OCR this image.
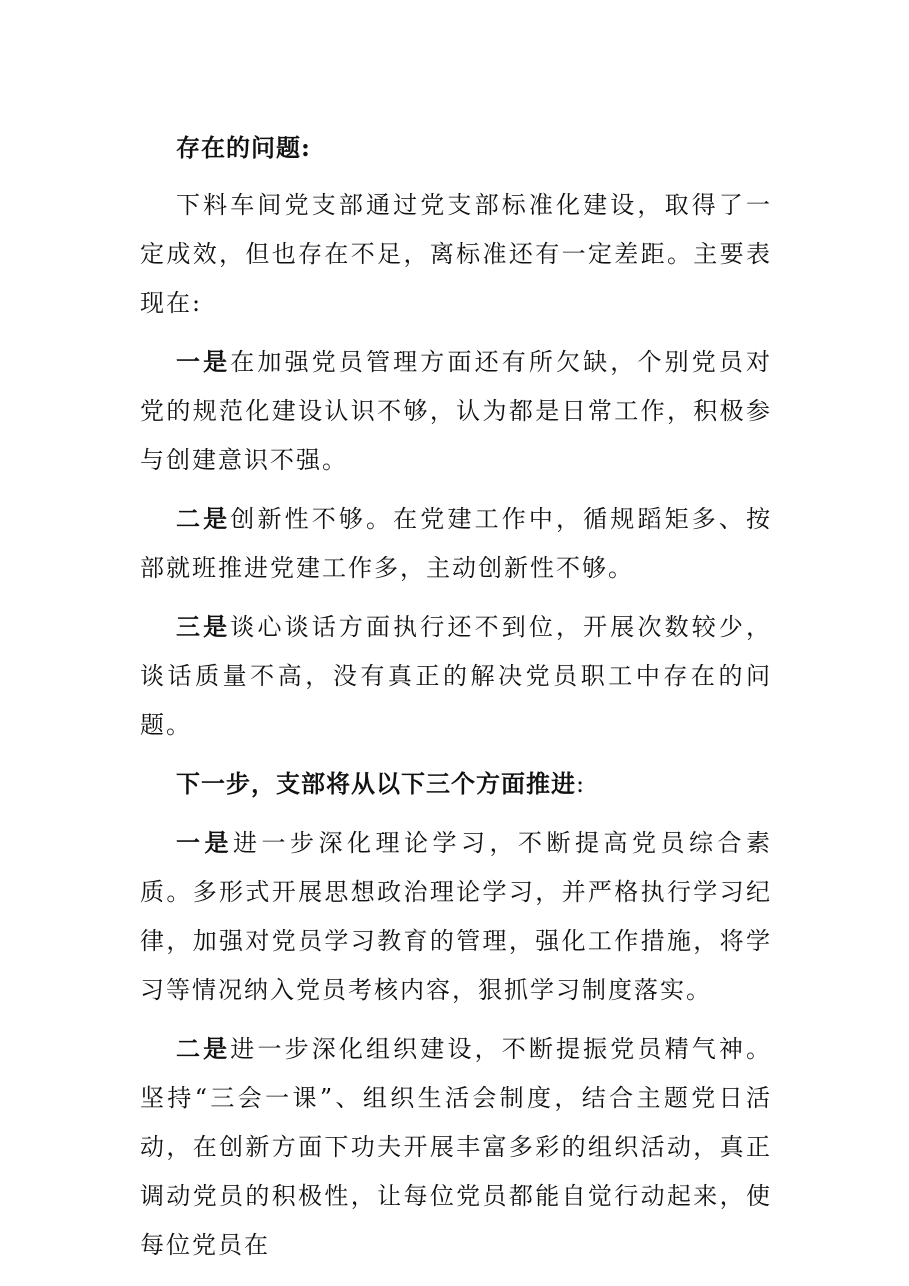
存在的问题:

下料车间党支部通过党支部标准化建设，取得了一定成效，但也存在不足，离标准还有一定差距。主要表现在:

一是在加强党员管理方面还有所欠缺，个别党员对党的规范化建设认识不够，认为都是日常工作，积极参与创建意识不强。

二是创新性不够。在党建工作中，循规蹈矩多、按部就班推进党建工作多，主动创新性不够。

三是谈心谈话方面执行还不到位，开展次数较少，谈话质量不高，没有真正的解决党员职工中存在的问题。

下一步，支部将从以下三个方面推进:

一是进一步深化理论学习，不断提高党员综合素质。多形式开展思想政治理论学习，并严格执行学习纪律，加强对党员学习教育的管理，强化工作措施，将学习等情况纳入党员考核内容，狠抓学习制度落实。

二是进一步深化组织建设，不断提振党员精气神。坚持“三会一课”、组织生活会制度，结合主题党日活动，在创新方面下功夫开展丰富多彩的组织活动，真正调动党员的积极性，让每位党员都能自觉行动起来，使每位党员在
